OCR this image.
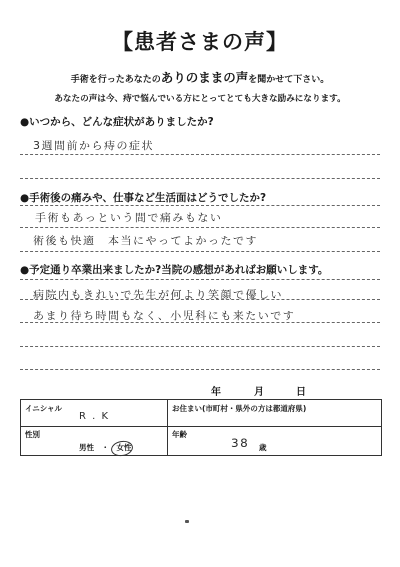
【患者さまの声】
手術を行ったあなたのありのままの声を聞かせて下さい。
あなたの声は今、痔で悩んでいる方にとってとても大きな励みになります。
●いつから、どんな症状がありましたか?
3週間前から痔の症状
●手術後の痛みや、仕事など生活面はどうでしたか?
手術もあっという間で痛みもない
術後も快適　本当にやってよかったです
●予定通り卒業出来ましたか?当院の感想があればお願いします。
病院内もきれいで先生が何より笑顔で優しい
あまり待ち時間もなく、小児科にも来たいです
年	月	日
イニシャル
R . K
お住まい(市町村・県外の方は都道府県)
性別
男性　・　女性
年齢
38 歳
